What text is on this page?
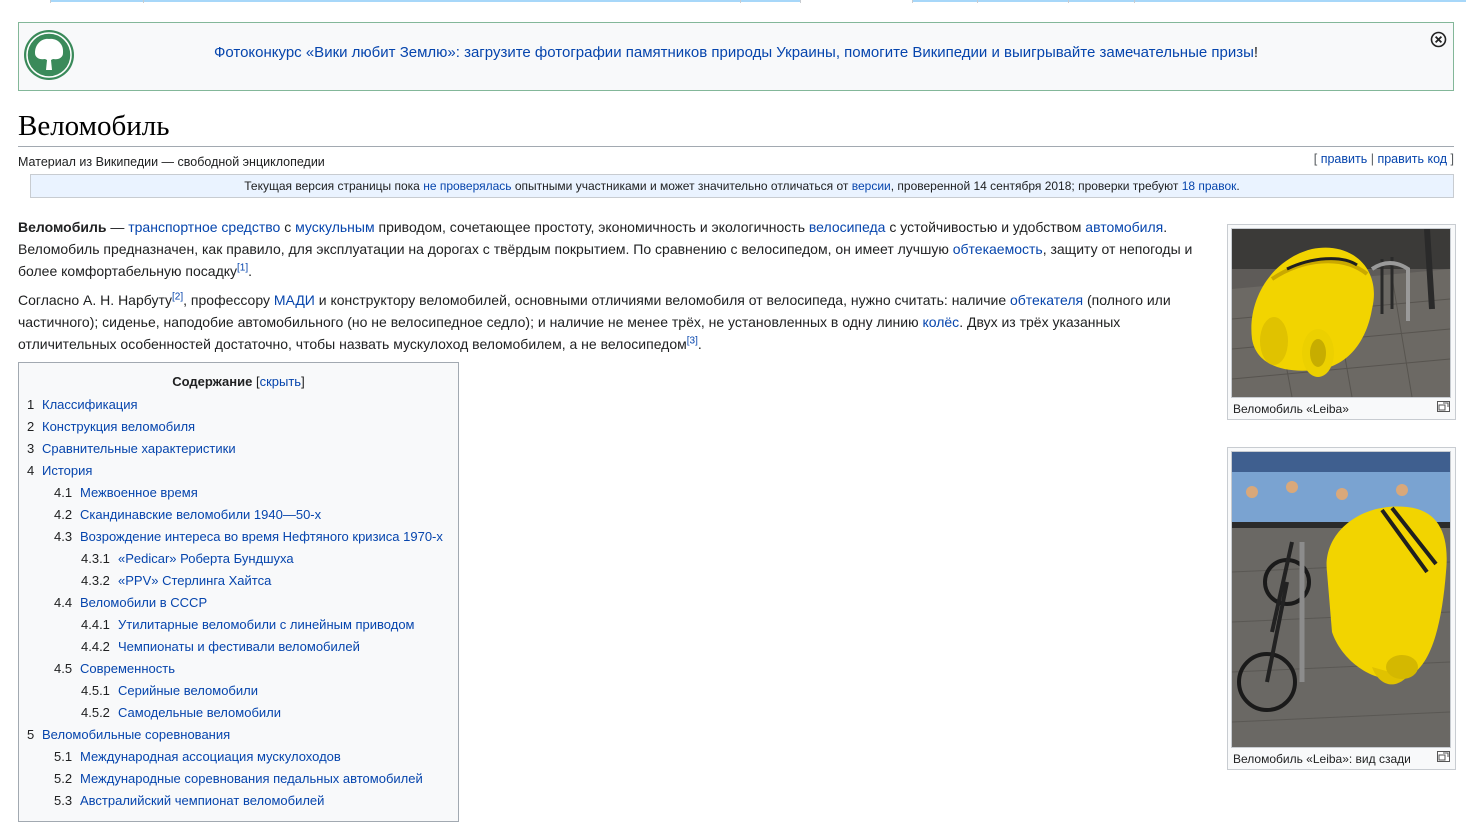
Фотоконкурс «Вики любит Землю»: загрузите фотографии памятников природы Украины, помогите Википедии и выигрывайте замечательные призы!
Веломобиль
Материал из Википедии — свободной энциклопедии	[ править | править код ]
Текущая версия страницы пока не проверялась опытными участниками и может значительно отличаться от версии, проверенной 14 сентября 2018; проверки требуют 18 правок.

Веломобиль — транспортное средство с мускульным приводом, сочетающее простоту, экономичность и экологичность велосипеда с устойчивостью и удобством автомобиля. Веломобиль предназначен, как правило, для эксплуатации на дорогах с твёрдым покрытием. По сравнению с велосипедом, он имеет лучшую обтекаемость, защиту от непогоды и более комфортабельную посадку[1].

Согласно А. Н. Нарбуту[2], профессору МАДИ и конструктору веломобилей, основными отличиями веломобиля от велосипеда, нужно считать: наличие обтекателя (полного или частичного); сиденье, наподобие автомобильного (но не велосипедное седло); и наличие не менее трёх, не установленных в одну линию колёс. Двух из трёх указанных отличительных особенностей достаточно, чтобы назвать мускулоход веломобилем, а не велосипедом[3].

Содержание [скрыть]
1 Классификация
2 Конструкция веломобиля
3 Сравнительные характеристики
4 История
4.1 Межвоенное время
4.2 Скандинавские веломобили 1940—50-х
4.3 Возрождение интереса во время Нефтяного кризиса 1970-х
4.3.1 «Pedicar» Роберта Бундшуха
4.3.2 «PPV» Стерлинга Хайтса
4.4 Веломобили в СССР
4.4.1 Утилитарные веломобили с линейным приводом
4.4.2 Чемпионаты и фестивали веломобилей
4.5 Современность
4.5.1 Серийные веломобили
4.5.2 Самодельные веломобили
5 Веломобильные соревнования
5.1 Международная ассоциация мускулоходов
5.2 Международные соревнования педальных автомобилей
5.3 Австралийский чемпионат веломобилей
Веломобиль «Leiba»
Веломобиль «Leiba»: вид сзади
